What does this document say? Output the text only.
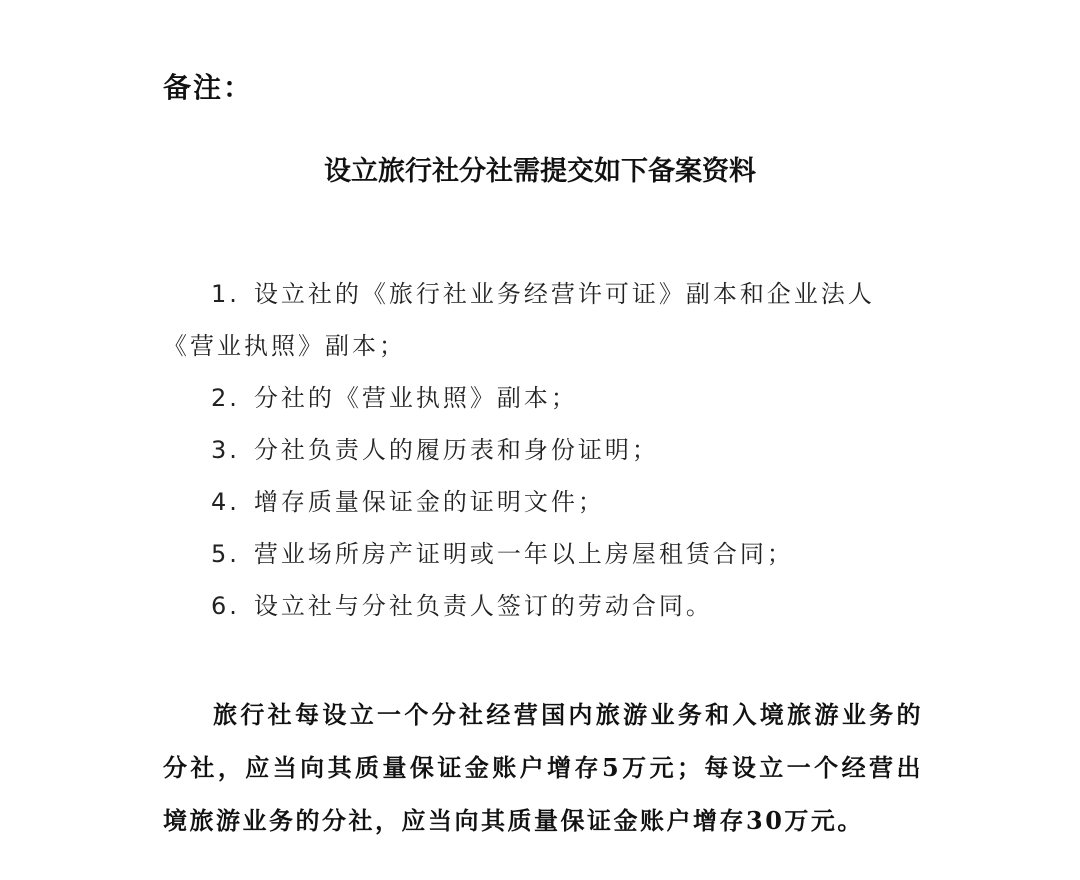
备注：
设立旅行社分社需提交如下备案资料
1. 设立社的《旅行社业务经营许可证》副本和企业法人《营业执照》副本；
2. 分社的《营业执照》副本；
3. 分社负责人的履历表和身份证明；
4. 增存质量保证金的证明文件；
5. 营业场所房产证明或一年以上房屋租赁合同；
6. 设立社与分社负责人签订的劳动合同。

旅行社每设立一个分社经营国内旅游业务和入境旅游业务的分社，应当向其质量保证金账户增存5万元；每设立一个经营出境旅游业务的分社，应当向其质量保证金账户增存30万元。
